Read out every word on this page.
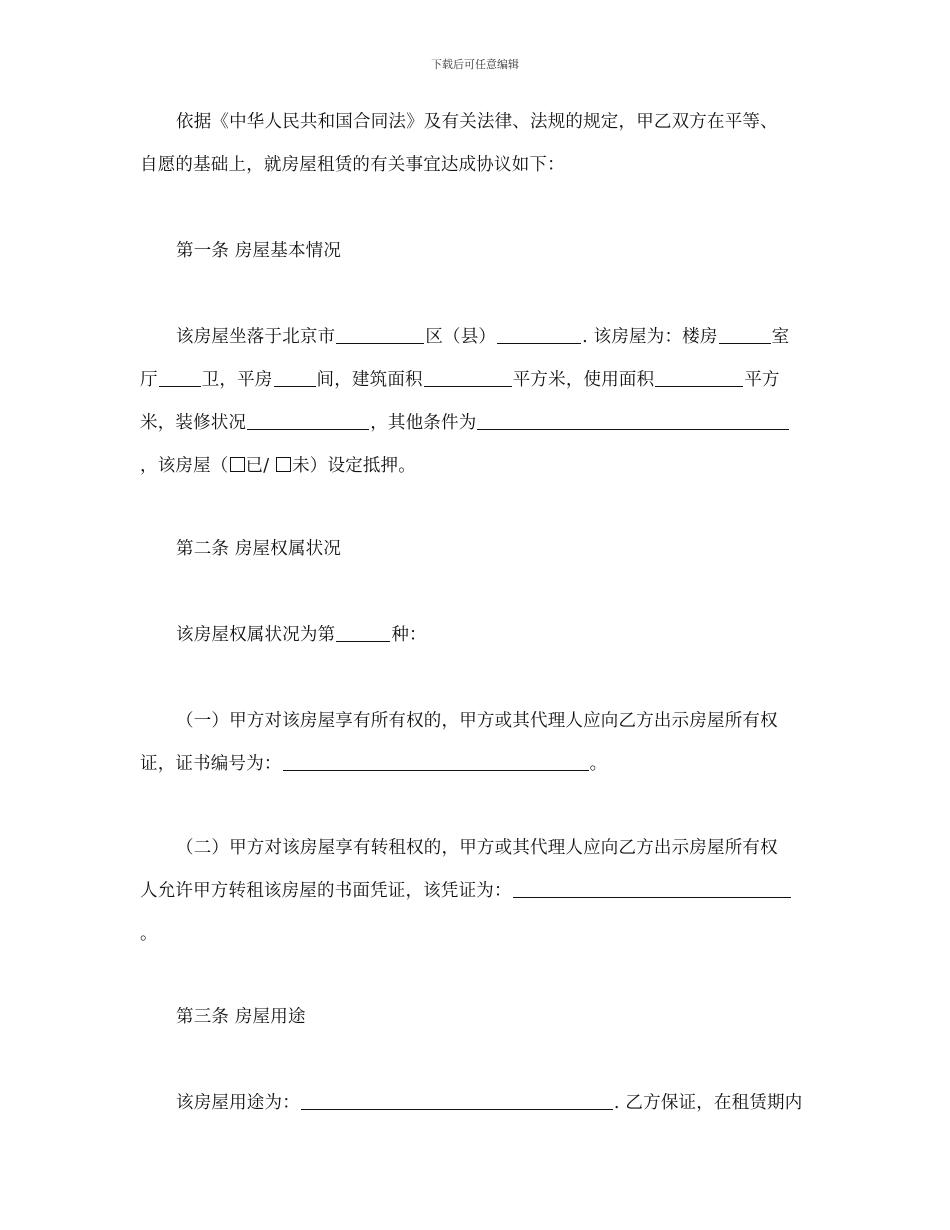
下载后可任意编辑
依据《中华人民共和国合同法》及有关法律、法规的规定，甲乙双方在平等、
自愿的基础上，就房屋租赁的有关事宜达成协议如下：
第一条 房屋基本情况
该房屋坐落于北京市	区（县）	. 该房屋为：楼房	室
厅	卫，平房	间，建筑面积	平方米，使用面积	平方
米，装修状况	，其他条件为
，该房屋（ 已/ 未）设定抵押。
第二条 房屋权属状况
该房屋权属状况为第	种：
（一）甲方对该房屋享有所有权的，甲方或其代理人应向乙方出示房屋所有权
证，证书编号为：	。
（二）甲方对该房屋享有转租权的，甲方或其代理人应向乙方出示房屋所有权
人允许甲方转租该房屋的书面凭证，该凭证为：
。
第三条 房屋用途
该房屋用途为：	. 乙方保证，在租赁期内
